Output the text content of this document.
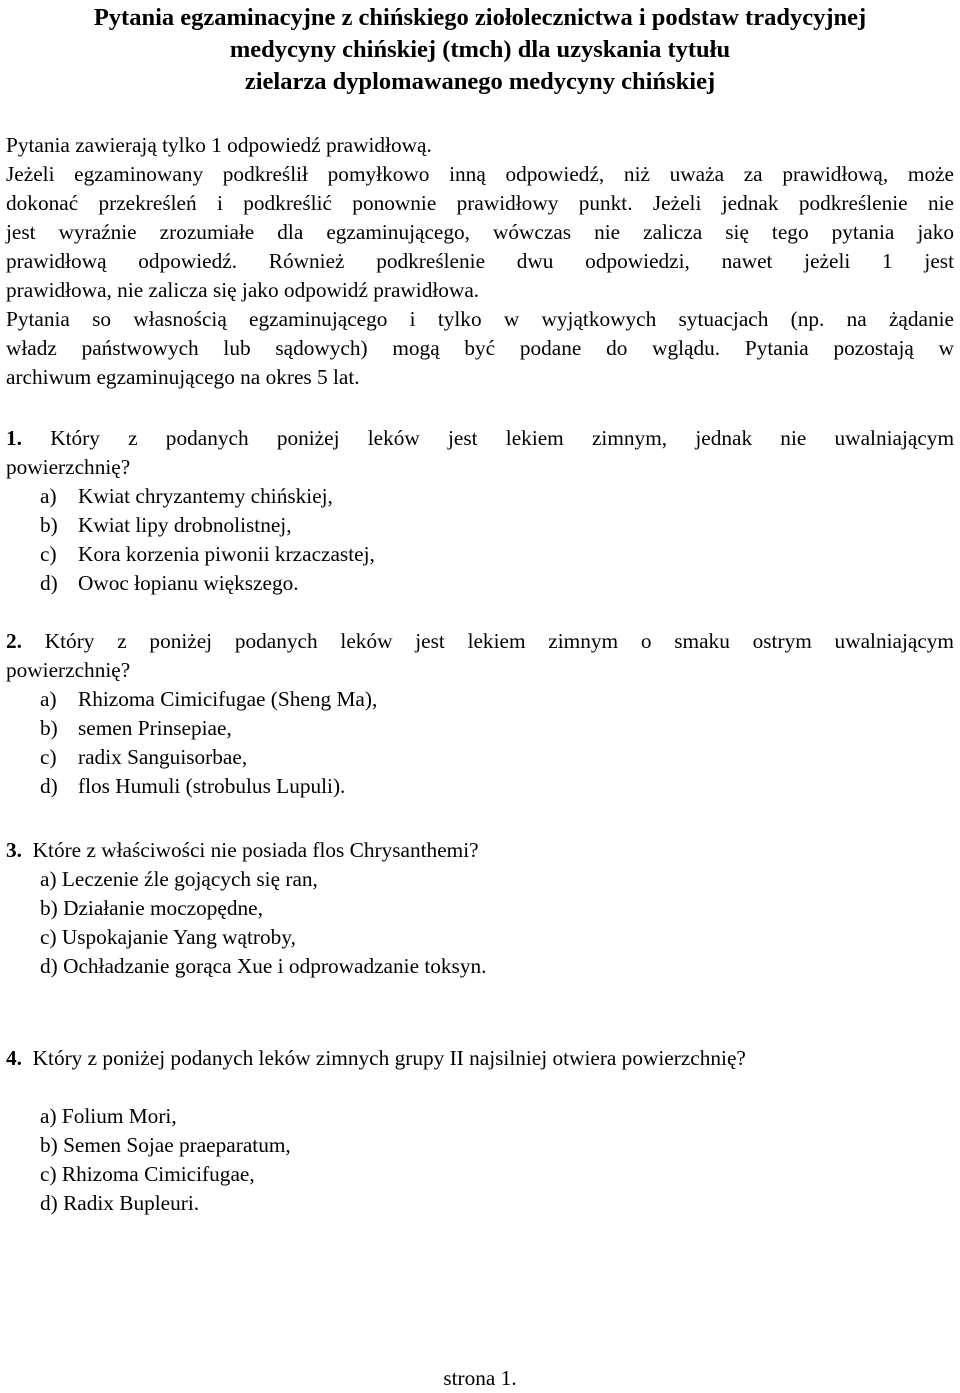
Pytania egzaminacyjne z chińskiego ziołolecznictwa i podstaw tradycyjnej
medycyny chińskiej (tmch) dla uzyskania tytułu
zielarza dyplomawanego medycyny chińskiej
Pytania zawierają tylko 1 odpowiedź prawidłową.
Jeżeli egzaminowany podkreślił pomyłkowo inną odpowiedź, niż uważa za prawidłową, może
dokonać przekreśleń i podkreślić ponownie prawidłowy punkt. Jeżeli jednak podkreślenie nie
jest wyraźnie zrozumiałe dla egzaminującego, wówczas nie zalicza się tego pytania jako
prawidłową odpowiedź. Również podkreślenie dwu odpowiedzi, nawet jeżeli 1 jest
prawidłowa, nie zalicza się jako odpowidź prawidłowa.
Pytania so własnością egzaminującego i tylko w wyjątkowych sytuacjach (np. na żądanie
władz państwowych lub sądowych) mogą być podane do wglądu. Pytania pozostają w
archiwum egzaminującego na okres 5 lat.
1. Który z podanych poniżej leków jest lekiem zimnym, jednak nie uwalniającym
powierzchnię?
a) Kwiat chryzantemy chińskiej,
b) Kwiat lipy drobnolistnej,
c) Kora korzenia piwonii krzaczastej,
d) Owoc łopianu większego.
2. Który z poniżej podanych leków jest lekiem zimnym o smaku ostrym uwalniającym
powierzchnię?
a) Rhizoma Cimicifugae (Sheng Ma),
b) semen Prinsepiae,
c) radix Sanguisorbae,
d) flos Humuli (strobulus Lupuli).
3. Które z właściwości nie posiada flos Chrysanthemi?
a) Leczenie źle gojących się ran,
b) Działanie moczopędne,
c) Uspokajanie Yang wątroby,
d) Ochładzanie gorąca Xue i odprowadzanie toksyn.
4. Który z poniżej podanych leków zimnych grupy II najsilniej otwiera powierzchnię?
a) Folium Mori,
b) Semen Sojae praeparatum,
c) Rhizoma Cimicifugae,
d) Radix Bupleuri.
strona 1.
